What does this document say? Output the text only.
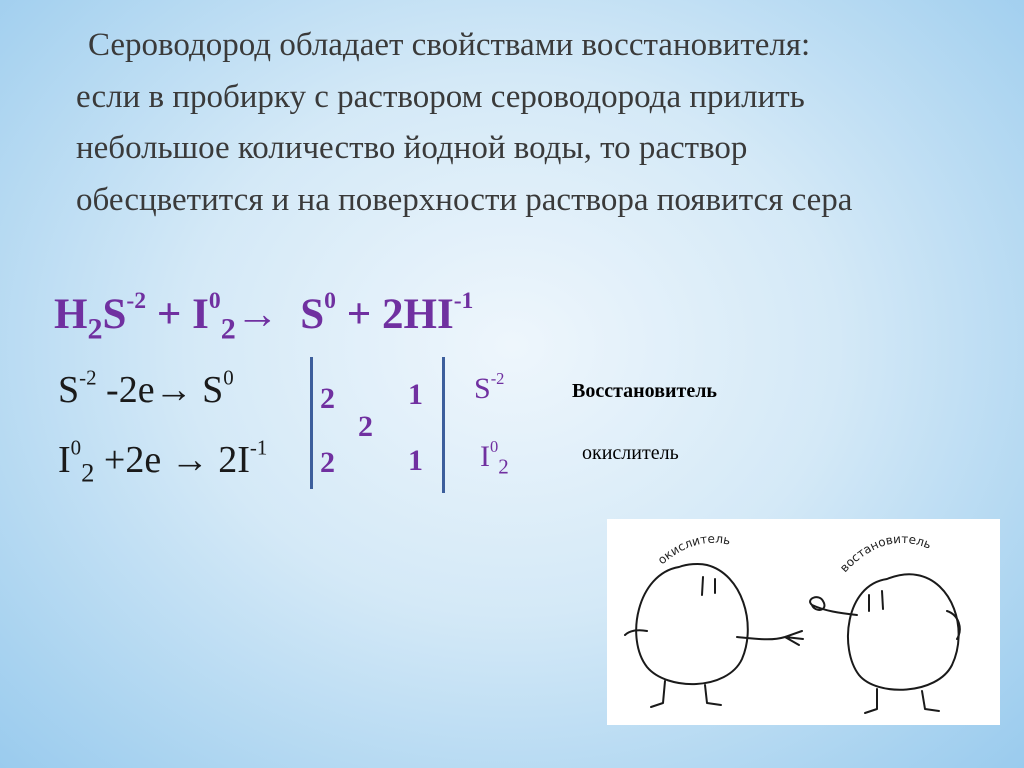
Сероводород обладает свойствами восстановителя: если в пробирку с раствором сероводорода прилить небольшое количество йодной воды, то раствор обесцветится и на поверхности раствора появится сера

$H_2S^{-2} + I^0_2\to S^0 + 2HI^{-1}$
$S^{-2}$ $-2e\to S^0$
$I^0_2 +2e \to 2I^{-1}$
2
2
2
1
1
$S^{-2}$
$I^0_2$
Восстановитель
окислитель
окислитель
востановитель
